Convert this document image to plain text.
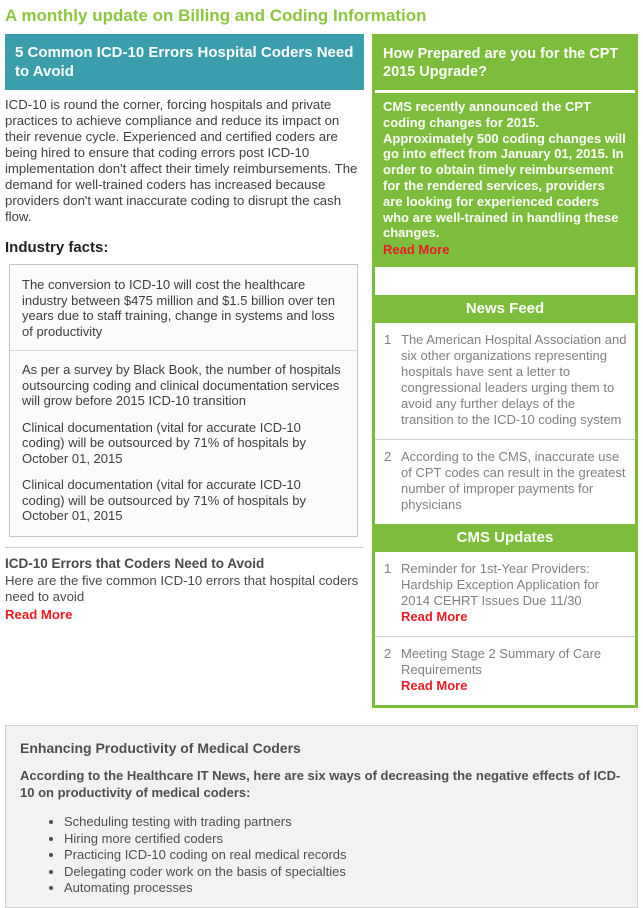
A monthly update on Billing and Coding Information
5 Common ICD-10 Errors Hospital Coders Need to Avoid

ICD-10 is round the corner, forcing hospitals and private practices to achieve compliance and reduce its impact on their revenue cycle. Experienced and certified coders are being hired to ensure that coding errors post ICD-10 implementation don't affect their timely reimbursements. The demand for well-trained coders has increased because providers don't want inaccurate coding to disrupt the cash flow.

Industry facts:

The conversion to ICD-10 will cost the healthcare industry between $475 million and $1.5 billion over ten years due to staff training, change in systems and loss of productivity

As per a survey by Black Book, the number of hospitals outsourcing coding and clinical documentation services will grow before 2015 ICD-10 transition

Clinical documentation (vital for accurate ICD-10 coding) will be outsourced by 71% of hospitals by October 01, 2015

Clinical documentation (vital for accurate ICD-10 coding) will be outsourced by 71% of hospitals by October 01, 2015

ICD-10 Errors that Coders Need to Avoid
Here are the five common ICD-10 errors that hospital coders need to avoid
Read More
How Prepared are you for the CPT 2015 Upgrade?

CMS recently announced the CPT coding changes for 2015. Approximately 500 coding changes will go into effect from January 01, 2015. In order to obtain timely reimbursement for the rendered services, providers are looking for experienced coders who are well-trained in handling these changes.

Read More
News Feed
1 The American Hospital Association and six other organizations representing hospitals have sent a letter to congressional leaders urging them to avoid any further delays of the transition to the ICD-10 coding system
2 According to the CMS, inaccurate use of CPT codes can result in the greatest number of improper payments for physicians
CMS Updates
1 Reminder for 1st-Year Providers: Hardship Exception Application for 2014 CEHRT Issues Due 11/30
Read More
2 Meeting Stage 2 Summary of Care Requirements
Read More
Enhancing Productivity of Medical Coders

According to the Healthcare IT News, here are six ways of decreasing the negative effects of ICD-10 on productivity of medical coders:

• Scheduling testing with trading partners
• Hiring more certified coders
• Practicing ICD-10 coding on real medical records
• Delegating coder work on the basis of specialties
• Automating processes
